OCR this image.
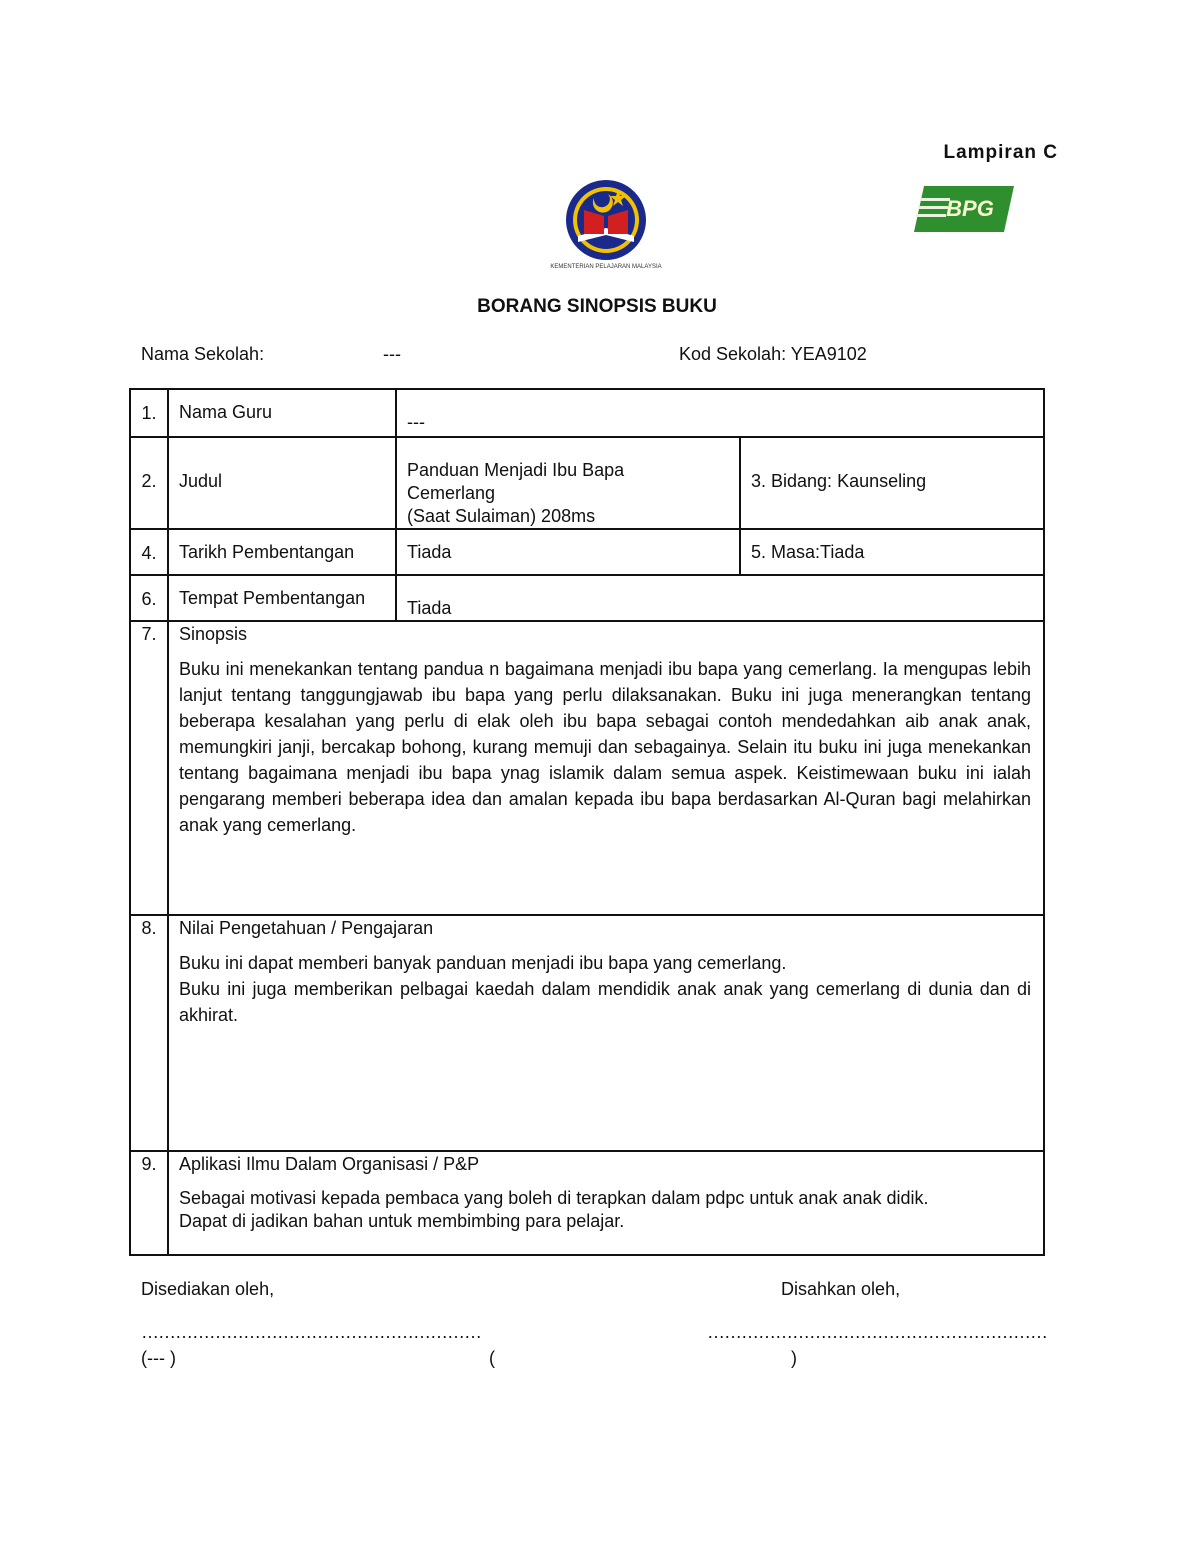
Lampiran C
KEMENTERIAN PELAJARAN MALAYSIA
BPG
BORANG SINOPSIS BUKU
Nama Sekolah:	---	Kod Sekolah: YEA9102
1.	Nama Guru	---	
2.	Judul	Panduan Menjadi Ibu Bapa
Cemerlang
(Saat Sulaiman) 208ms	3. Bidang: Kaunseling
4.	Tarikh Pembentangan	Tiada	5. Masa:Tiada
6.	Tempat Pembentangan	Tiada	
7.	Sinopsis
Buku ini menekankan tentang pandua n bagaimana menjadi ibu bapa yang cemerlang. Ia mengupas lebih lanjut tentang tanggungjawab ibu bapa yang perlu dilaksanakan. Buku ini juga menerangkan tentang beberapa kesalahan yang perlu di elak oleh ibu bapa sebagai contoh mendedahkan aib anak anak, memungkiri janji, bercakap bohong, kurang memuji dan sebagainya. Selain itu buku ini juga menekankan tentang bagaimana menjadi ibu bapa ynag islamik dalam semua aspek. Keistimewaan buku ini ialah pengarang memberi beberapa idea dan amalan kepada ibu bapa berdasarkan Al-Quran bagi melahirkan anak yang cemerlang.		

8.	Nilai Pengetahuan / Pengajaran
Buku ini dapat memberi banyak panduan menjadi ibu bapa yang cemerlang.
Buku ini juga memberikan pelbagai kaedah dalam mendidik anak anak yang cemerlang di dunia dan di akhirat.		

9.	Aplikasi Ilmu Dalam Organisasi / P&P
Sebagai motivasi kepada pembaca yang boleh di terapkan dalam pdpc untuk anak anak didik.
Dapat di jadikan bahan untuk membimbing para pelajar.		
Disediakan oleh,	Disahkan oleh,
……………………………………………………	……………………………………………………
(--- )	(	)
